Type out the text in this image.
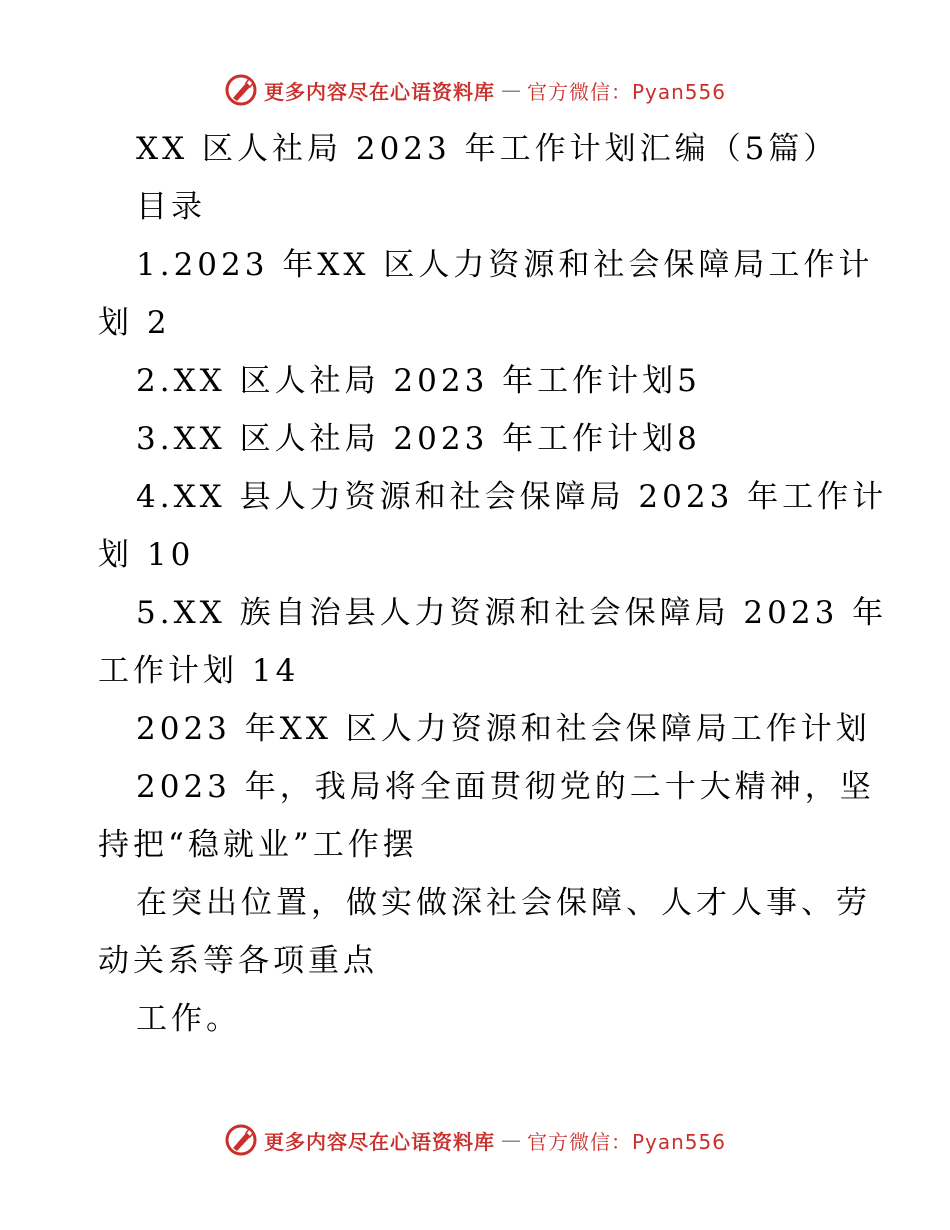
更多内容尽在心语资料库 — 官方微信：Pyan556
XX 区人社局 2023 年工作计划汇编（5篇）
目录
1.2023 年XX 区人力资源和社会保障局工作计
划 2
2.XX 区人社局 2023 年工作计划5
3.XX 区人社局 2023 年工作计划8
4.XX 县人力资源和社会保障局 2023 年工作计
划 10
5.XX 族自治县人力资源和社会保障局 2023 年
工作计划 14
2023 年XX 区人力资源和社会保障局工作计划
2023 年，我局将全面贯彻党的二十大精神，坚
持把“稳就业”工作摆
在突出位置，做实做深社会保障、人才人事、劳
动关系等各项重点
工作。
更多内容尽在心语资料库 — 官方微信：Pyan556
